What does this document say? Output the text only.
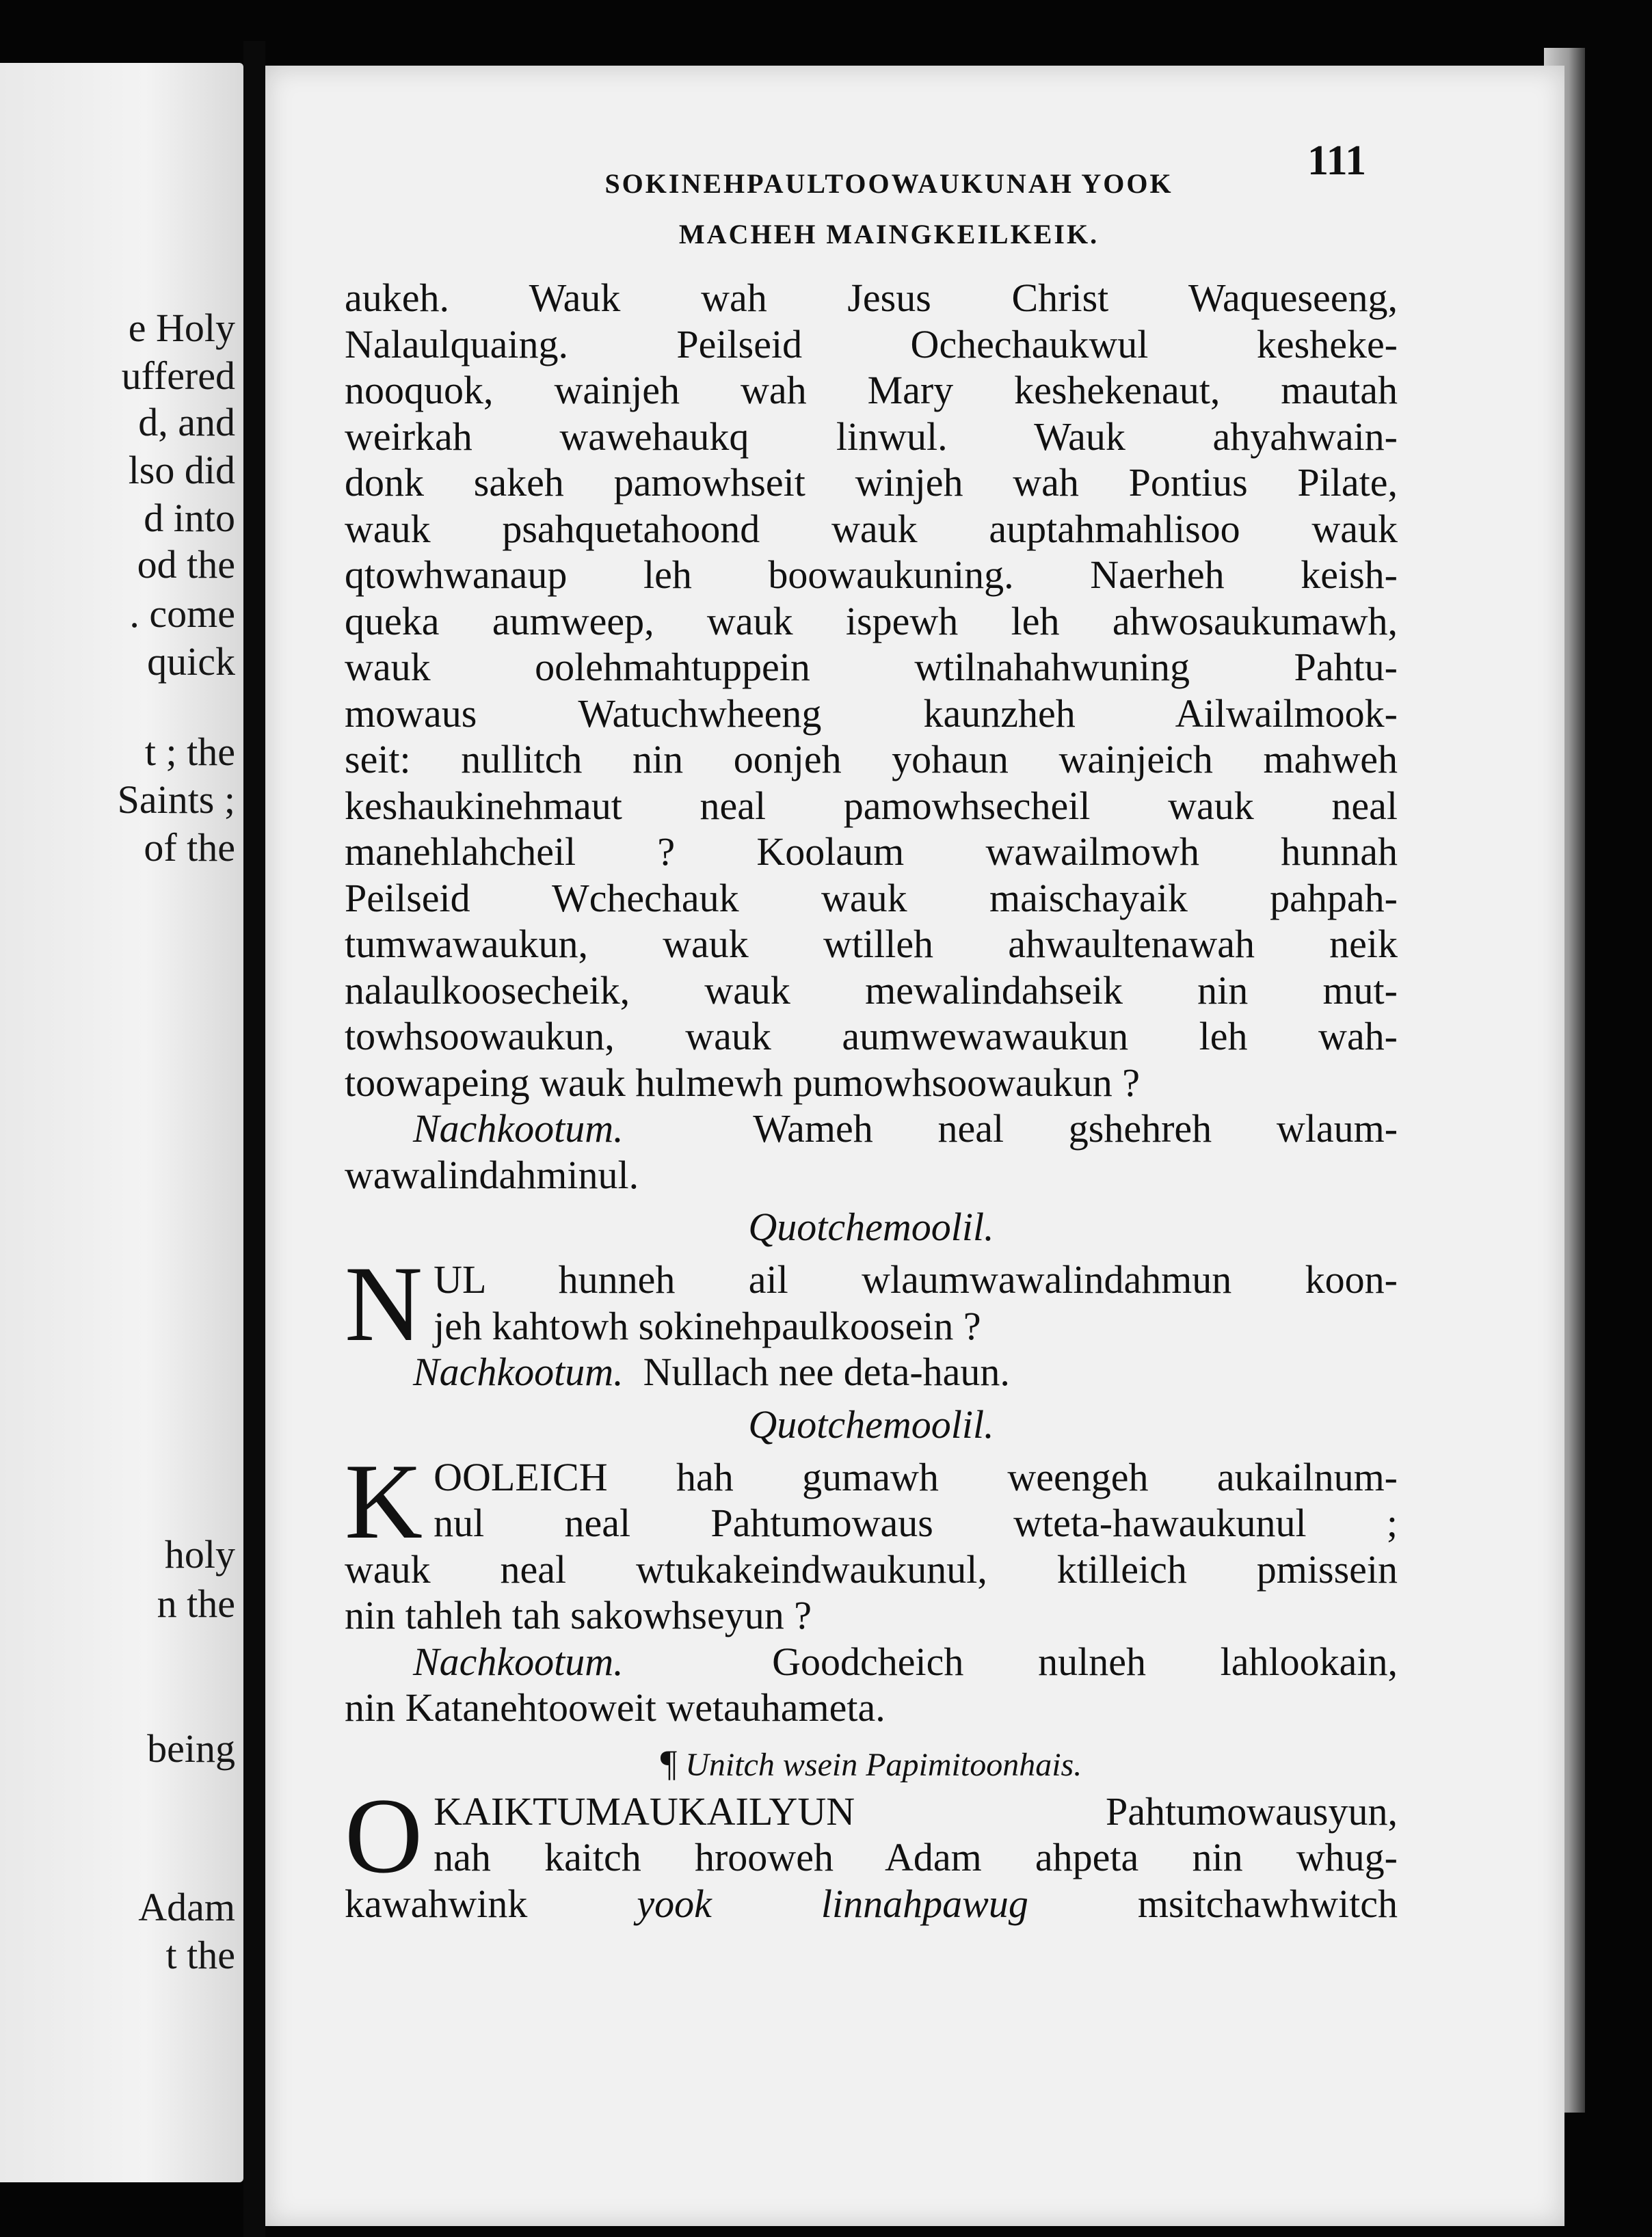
e Holy
uffered
d, and
lso did
d into
od the
. come
quick
t ; the
Saints ;
of the
holy
n the
being
Adam
t the
SOKINEHPAULTOOWAUKUNAH YOOK
MACHEH MAINGKEILKEIK.
111
aukeh. Wauk wah Jesus Christ Waqueseeng,
Nalaulquaing. Peilseid Ochechaukwul keshekе-
nooquok, wainjeh wah Mary keshekenaut, mautah
weirkah wawehaukq linwul. Wauk ahyahwain-
donk sakeh pamowhseit winjeh wah Pontius Pilate,
wauk psahquetahoond wauk auptahmahlisoo wauk
qtowhwanaup leh boowaukuning. Naerheh keish-
queka aumweep, wauk ispewh leh ahwosaukumawh,
wauk oolehmahtuppein wtilnahahwuning Pahtu-
mowaus Watuchwheeng kaunzheh Ailwailmook-
seit: nullitch nin oonjeh yohaun wainjeich mahweh
keshaukinehmaut neal pamowhsecheil wauk neal
manehlahcheil ? Koolaum wawailmowh hunnah
Peilseid Wchechauk wauk maischayaik pahpah-
tumwawaukun, wauk wtilleh ahwaultenawah neik
nalaulkoosecheik, wauk mewalindahseik nin mut-
towhsoowaukun, wauk aumwewawaukun leh wah-
toowapeing wauk hulmewh pumowhsoowaukun ?
Nachkootum.	Wameh neal gshehreh wlaum-
wawalindahminul.
Quotchemoolil.
N UL hunneh ail wlaumwawalindahmun koon-
jeh kahtowh sokinehpaulkoosein ?
Nachkootum. Nullach nee deta-haun.
Quotchemoolil.
K OOLEICH hah gumawh weengeh aukailnum-
nul neal Pahtumowaus wteta-hawaukunul ;
wauk neal wtukakeindwaukunul, ktilleich pmissein
nin tahleh tah sakowhseyun ?
Nachkootum.	Goodcheich nulneh lahlookain,
nin Katanehtooweit wetauhameta.
¶ Unitch wsein Papimitoonhais.
O KAIKTUMAUKAILYUN Pahtumowausyun,
nah kaitch hrooweh Adam ahpeta nin whug-
kawahwink	yook	linnahpawug	msitchawhwitch
